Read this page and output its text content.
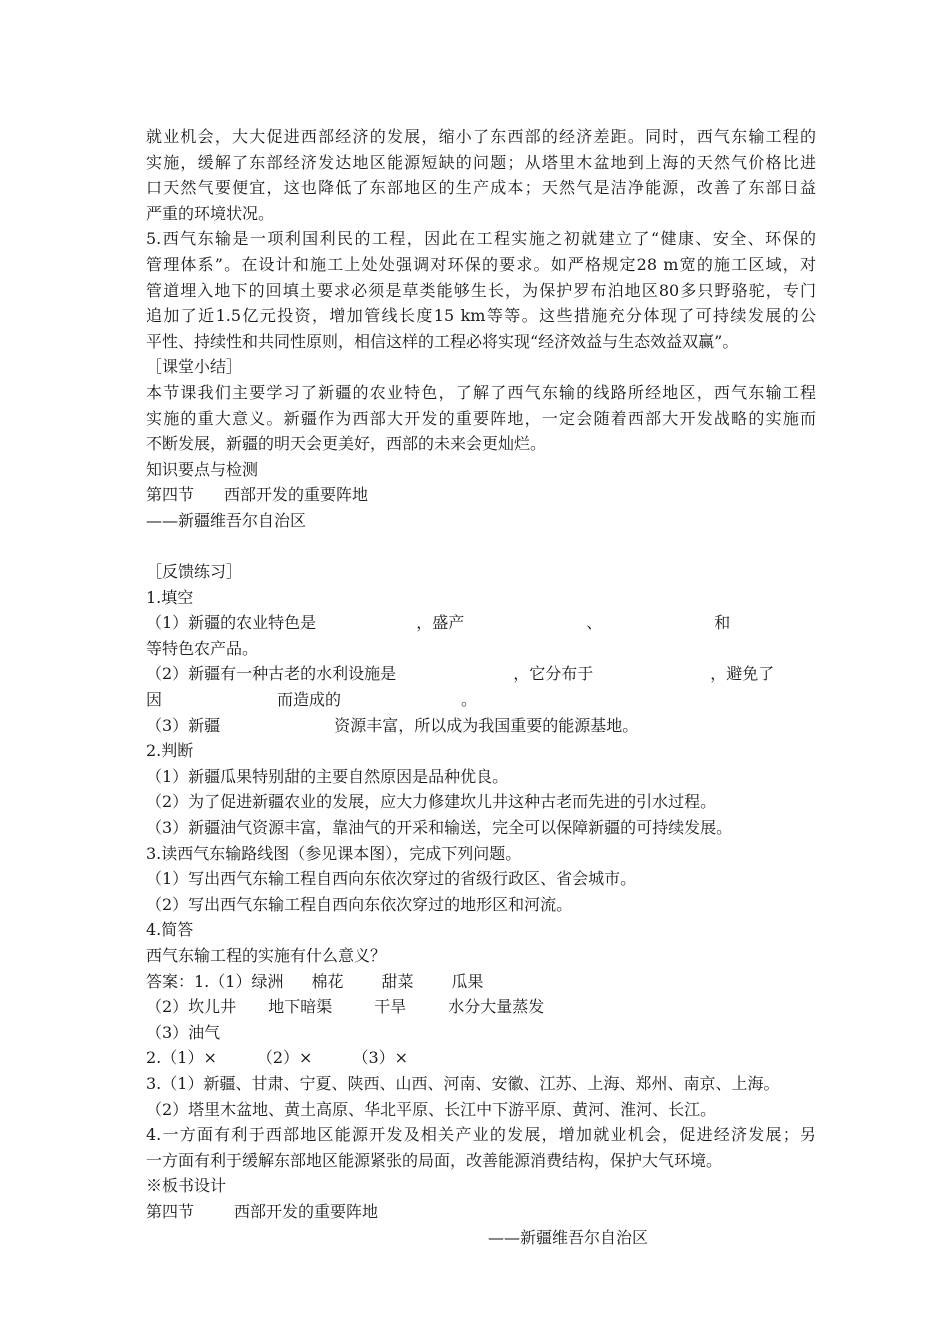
就业机会，大大促进西部经济的发展，缩小了东西部的经济差距。同时，西气东输工程的
实施，缓解了东部经济发达地区能源短缺的问题；从塔里木盆地到上海的天然气价格比进
口天然气要便宜，这也降低了东部地区的生产成本；天然气是洁净能源，改善了东部日益
严重的环境状况。
5.西气东输是一项利国利民的工程，因此在工程实施之初就建立了“健康、安全、环保的
管理体系”。在设计和施工上处处强调对环保的要求。如严格规定28 m宽的施工区域，对
管道埋入地下的回填土要求必须是草类能够生长，为保护罗布泊地区80多只野骆驼，专门
追加了近1.5亿元投资，增加管线长度15 km等等。这些措施充分体现了可持续发展的公
平性、持续性和共同性原则，相信这样的工程必将实现“经济效益与生态效益双赢”。
［课堂小结］
本节课我们主要学习了新疆的农业特色，了解了西气东输的线路所经地区，西气东输工程
实施的重大意义。新疆作为西部大开发的重要阵地，一定会随着西部大开发战略的实施而
不断发展，新疆的明天会更美好，西部的未来会更灿烂。
知识要点与检测
第四节 西部开发的重要阵地
——新疆维吾尔自治区
［反馈练习］
1.填空
（1）新疆的农业特色是	，盛产	、	和
等特色农产品。
（2）新疆有一种古老的水利设施是	，它分布于	，避免了
因	而造成的	。
（3）新疆	资源丰富，所以成为我国重要的能源基地。
2.判断
（1）新疆瓜果特别甜的主要自然原因是品种优良。
（2）为了促进新疆农业的发展，应大力修建坎儿井这种古老而先进的引水过程。
（3）新疆油气资源丰富，靠油气的开采和输送，完全可以保障新疆的可持续发展。
3.读西气东输路线图（参见课本图），完成下列问题。
（1）写出西气东输工程自西向东依次穿过的省级行政区、省会城市。
（2）写出西气东输工程自西向东依次穿过的地形区和河流。
4.简答
西气东输工程的实施有什么意义？
答案：1.（1）绿洲 棉花 甜菜 瓜果
（2）坎儿井 地下暗渠	干旱	水分大量蒸发
（3）油气
2.（1）×	（2）×	（3）×
3.（1）新疆、甘肃、宁夏、陕西、山西、河南、安徽、江苏、上海、郑州、南京、上海。
（2）塔里木盆地、黄土高原、华北平原、长江中下游平原、黄河、淮河、长江。
4.一方面有利于西部地区能源开发及相关产业的发展，增加就业机会，促进经济发展；另
一方面有利于缓解东部地区能源紧张的局面，改善能源消费结构，保护大气环境。
※板书设计
第四节	西部开发的重要阵地
——新疆维吾尔自治区
